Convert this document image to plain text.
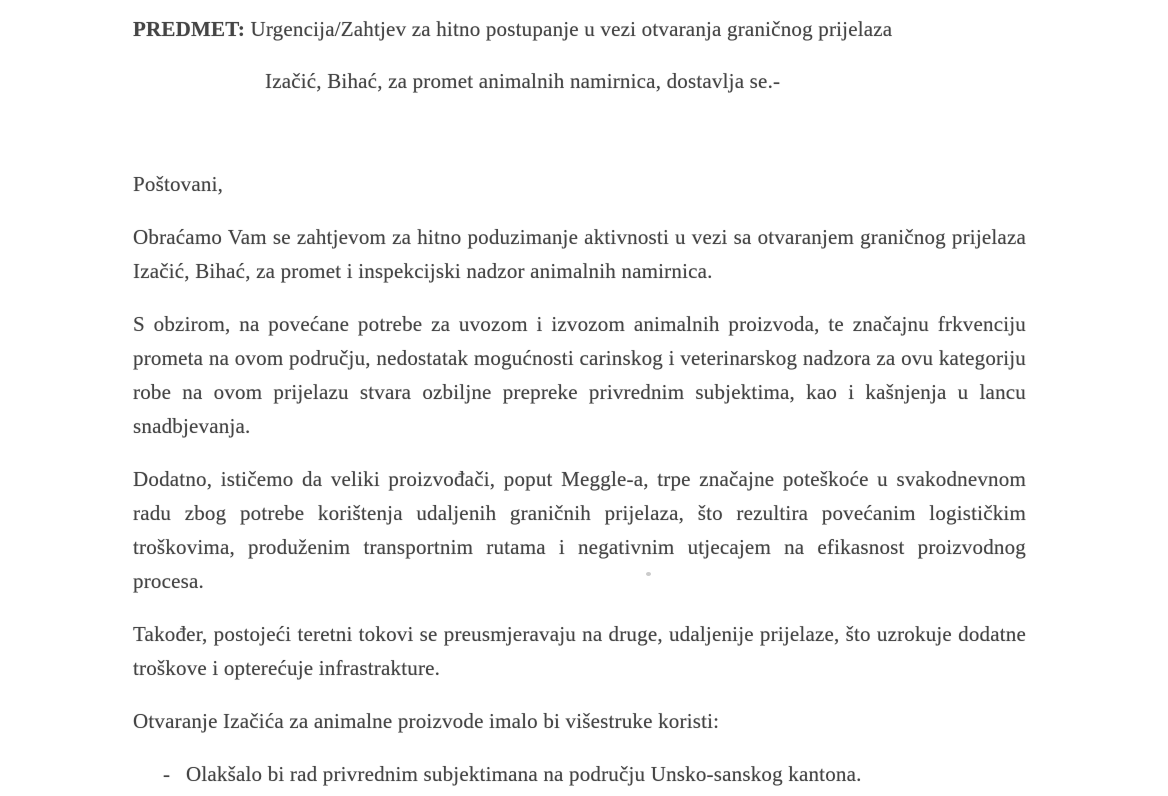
PREDMET: Urgencija/Zahtjev za hitno postupanje u vezi otvaranja graničnog prijelaza
Izačić, Bihać, za promet animalnih namirnica, dostavlja se.-

Poštovani,

Obraćamo Vam se zahtjevom za hitno poduzimanje aktivnosti u vezi sa otvaranjem graničnog prijelaza Izačić, Bihać, za promet i inspekcijski nadzor animalnih namirnica.

S obzirom, na povećane potrebe za uvozom i izvozom animalnih proizvoda, te značajnu frkvenciju prometa na ovom području, nedostatak mogućnosti carinskog i veterinarskog nadzora za ovu kategoriju robe na ovom prijelazu stvara ozbiljne prepreke privrednim subjektima, kao i kašnjenja u lancu snadbjevanja.

Dodatno, ističemo da veliki proizvođači, poput Meggle-a, trpe značajne poteškoće u svakodnevnom radu zbog potrebe korištenja udaljenih graničnih prijelaza, što rezultira povećanim logističkim troškovima, produženim transportnim rutama i negativnim utjecajem na efikasnost proizvodnog procesa.

Također, postojeći teretni tokovi se preusmjeravaju na druge, udaljenije prijelaze, što uzrokuje dodatne troškove i opterećuje infrastrakture.

Otvaranje Izačića za animalne proizvode imalo bi višestruke koristi:

- Olakšalo bi rad privrednim subjektimana na području Unsko-sanskog kantona.
